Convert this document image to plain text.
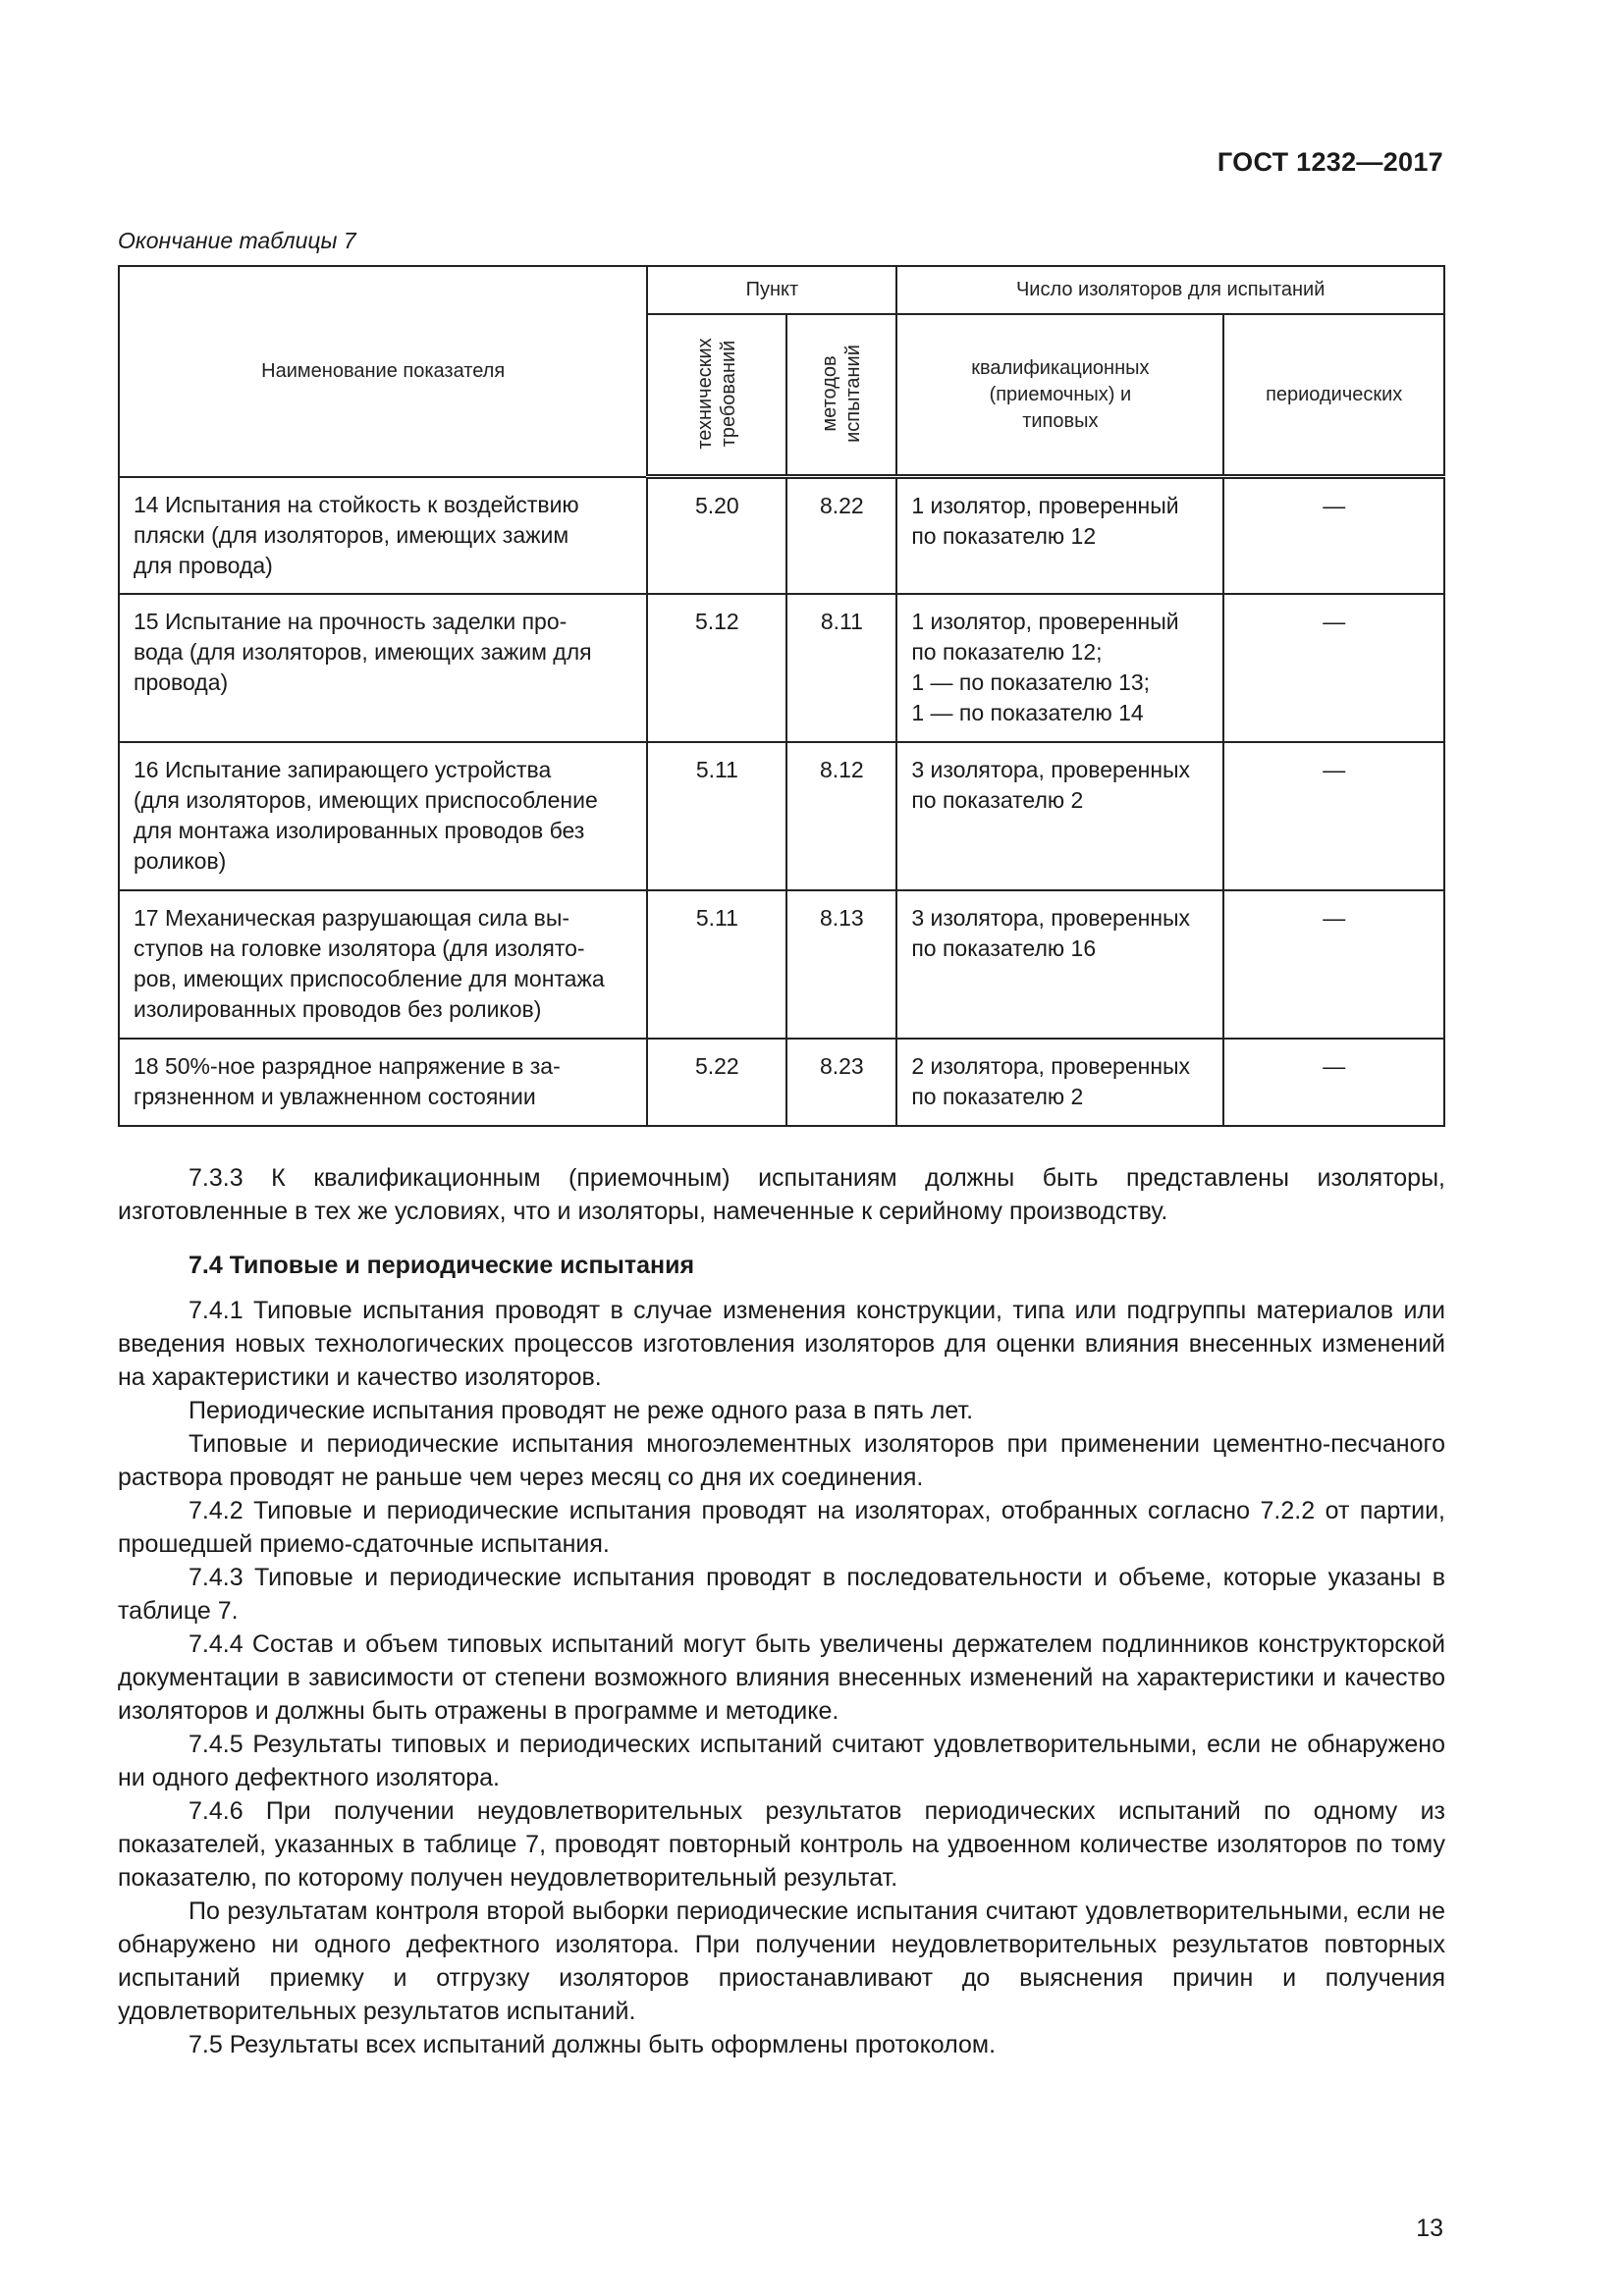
ГОСТ 1232—2017
Окончание таблицы 7
Наименование показателя	Пункт		Число изоляторов для испытаний	

	технических требований	методов испытаний	квалификационных (приемочных) и типовых	периодических

14 Испытания на стойкость к воздействию
пляски (для изоляторов, имеющих зажим
для провода)	5.20	8.22	1 изолятор, проверенный
по показателю 12	—

15 Испытание на прочность заделки про-
вода (для изоляторов, имеющих зажим для
провода)	5.12	8.11	1 изолятор, проверенный
по показателю 12;
1 — по показателю 13;
1 — по показателю 14	—

16 Испытание запирающего устройства
(для изоляторов, имеющих приспособление
для монтажа изолированных проводов без
роликов)	5.11	8.12	3 изолятора, проверенных
по показателю 2	—

17 Механическая разрушающая сила вы-
ступов на головке изолятора (для изолято-
ров, имеющих приспособление для монтажа
изолированных проводов без роликов)	5.11	8.13	3 изолятора, проверенных
по показателю 16	—

18 50%-ное разрядное напряжение в за-
грязненном и увлажненном состоянии	5.22	8.23	2 изолятора, проверенных
по показателю 2	—

7.3.3 К квалификационным (приемочным) испытаниям должны быть представлены изоляторы, изготовленные в тех же условиях, что и изоляторы, намеченные к серийному производству.

7.4 Типовые и периодические испытания

7.4.1 Типовые испытания проводят в случае изменения конструкции, типа или подгруппы материалов или введения новых технологических процессов изготовления изоляторов для оценки влияния внесенных изменений на характеристики и качество изоляторов.

Периодические испытания проводят не реже одного раза в пять лет.

Типовые и периодические испытания многоэлементных изоляторов при применении цементно-песчаного раствора проводят не раньше чем через месяц со дня их соединения.

7.4.2 Типовые и периодические испытания проводят на изоляторах, отобранных согласно 7.2.2 от партии, прошедшей приемо-сдаточные испытания.

7.4.3 Типовые и периодические испытания проводят в последовательности и объеме, которые указаны в таблице 7.

7.4.4 Состав и объем типовых испытаний могут быть увеличены держателем подлинников конструкторской документации в зависимости от степени возможного влияния внесенных изменений на характеристики и качество изоляторов и должны быть отражены в программе и методике.

7.4.5 Результаты типовых и периодических испытаний считают удовлетворительными, если не обнаружено ни одного дефектного изолятора.

7.4.6 При получении неудовлетворительных результатов периодических испытаний по одному из показателей, указанных в таблице 7, проводят повторный контроль на удвоенном количестве изоляторов по тому показателю, по которому получен неудовлетворительный результат.

По результатам контроля второй выборки периодические испытания считают удовлетворительными, если не обнаружено ни одного дефектного изолятора. При получении неудовлетворительных результатов повторных испытаний приемку и отгрузку изоляторов приостанавливают до выяснения причин и получения удовлетворительных результатов испытаний.

7.5 Результаты всех испытаний должны быть оформлены протоколом.

13
